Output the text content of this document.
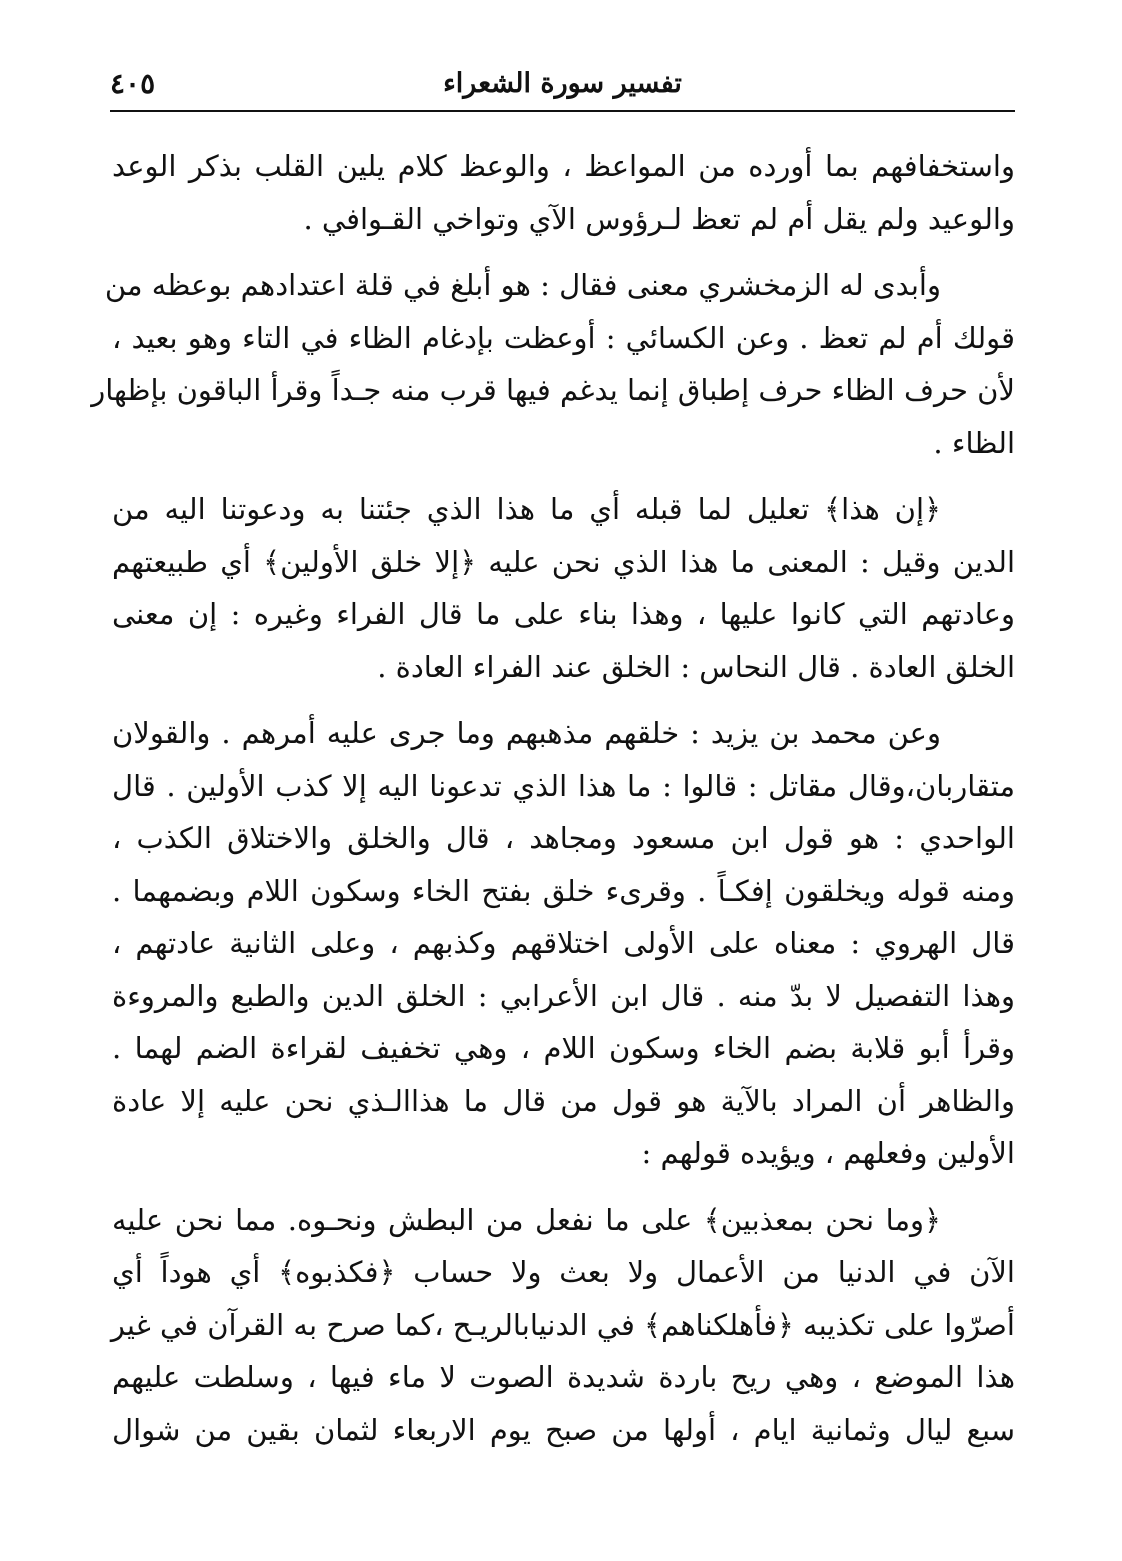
تفسير سورة الشعراء
٤٠٥

واستخفافهم بما أورده من المواعظ ، والوعظ كلام يلين القلب بذكر الوعد
والوعيد ولم يقل أم لم تعظ لـرؤوس الآي وتواخي القـوافي .

وأبدى له الزمخشري معنى فقال : هو أبلغ في قلة اعتدادهم بوعظه من
قولك أم لم تعظ . وعن الكسائي : أوعظت بإدغام الظاء في التاء وهو بعيد ،
لأن حرف الظاء حرف إطباق إنما يدغم فيها قرب منه جـداً وقرأ الباقون بإظهار
الظاء .

﴿إن هذا﴾ تعليل لما قبله أي ما هذا الذي جئتنا به ودعوتنا اليه من
الدين وقيل : المعنى ما هذا الذي نحن عليه ﴿إلا خلق الأولين﴾ أي طبيعتهم
وعادتهم التي كانوا عليها ، وهذا بناء على ما قال الفراء وغيره : إن معنى
الخلق العادة . قال النحاس : الخلق عند الفراء العادة .

وعن محمد بن يزيد : خلقهم مذهبهم وما جرى عليه أمرهم . والقولان
متقاربان،وقال مقاتل : قالوا : ما هذا الذي تدعونا اليه إلا كذب الأولين . قال
الواحدي : هو قول ابن مسعود ومجاهد ، قال والخلق والاختلاق الكذب ،
ومنه قوله ويخلقون إفكـاً . وقرىء خلق بفتح الخاء وسكون اللام وبضمهما .
قال الهروي : معناه على الأولى اختلاقهم وكذبهم ، وعلى الثانية عادتهم ،
وهذا التفصيل لا بدّ منه . قال ابن الأعرابي : الخلق الدين والطبع والمروءة
وقرأ أبو قلابة بضم الخاء وسكون اللام ، وهي تخفيف لقراءة الضم لهما .
والظاهر أن المراد بالآية هو قول من قال ما هذاالـذي نحن عليه إلا عادة
الأولين وفعلهم ، ويؤيده قولهم :

﴿وما نحن بمعذبين﴾ على ما نفعل من البطش ونحـوه. مما نحن عليه
الآن في الدنيا من الأعمال ولا بعث ولا حساب ﴿فكذبوه﴾ أي هوداً أي
أصرّوا على تكذيبه ﴿فأهلكناهم﴾ في الدنيابالريـح ،كما صرح به القرآن في غير
هذا الموضع ، وهي ريح باردة شديدة الصوت لا ماء فيها ، وسلطت عليهم
سبع ليال وثمانية ايام ، أولها من صبح يوم الاربعاء لثمان بقين من شوال
